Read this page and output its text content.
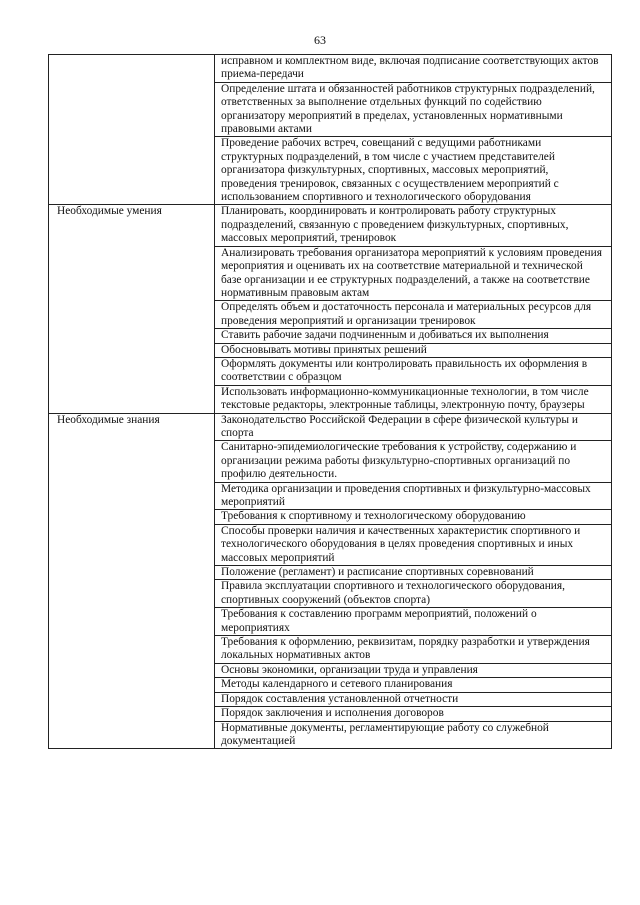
63
	исправном и комплектном виде, включая подписание соответствующих актов приема-передачи
	Определение штата и обязанностей работников структурных подразделений, ответственных за выполнение отдельных функций по содействию организатору мероприятий в пределах, установленных нормативными правовыми актами
	Проведение рабочих встреч, совещаний с ведущими работниками структурных подразделений, в том числе с участием представителей организатора физкультурных, спортивных, массовых мероприятий, проведения тренировок, связанных с осуществлением мероприятий с использованием спортивного и технологического оборудования

Необходимые умения	Планировать, координировать и контролировать работу структурных подразделений, связанную с проведением физкультурных, спортивных, массовых мероприятий, тренировок
	Анализировать требования организатора мероприятий к условиям проведения мероприятия и оценивать их на соответствие материальной и технической базе организации и ее структурных подразделений, а также на соответствие нормативным правовым актам
	Определять объем и достаточность персонала и материальных ресурсов для проведения мероприятий и организации тренировок
	Ставить рабочие задачи подчиненным и добиваться их выполнения
	Обосновывать мотивы принятых решений
	Оформлять документы или контролировать правильность их оформления в соответствии с образцом
	Использовать информационно-коммуникационные технологии, в том числе текстовые редакторы, электронные таблицы, электронную почту, браузеры

Необходимые знания	Законодательство Российской Федерации в сфере физической культуры и спорта
	Санитарно-эпидемиологические требования к устройству, содержанию и организации режима работы физкультурно-спортивных организаций по профилю деятельности.
	Методика организации и проведения спортивных и физкультурно-массовых мероприятий
	Требования к спортивному и технологическому оборудованию
	Способы проверки наличия и качественных характеристик спортивного и технологического оборудования в целях проведения спортивных и иных массовых мероприятий
	Положение (регламент) и расписание спортивных соревнований
	Правила эксплуатации спортивного и технологического оборудования, спортивных сооружений (объектов спорта)
	Требования к составлению программ мероприятий, положений о мероприятиях
	Требования к оформлению, реквизитам, порядку разработки и утверждения локальных нормативных актов
	Основы экономики, организации труда и управления
	Методы календарного и сетевого планирования
	Порядок составления установленной отчетности
	Порядок заключения и исполнения договоров
	Нормативные документы, регламентирующие работу со служебной документацией
